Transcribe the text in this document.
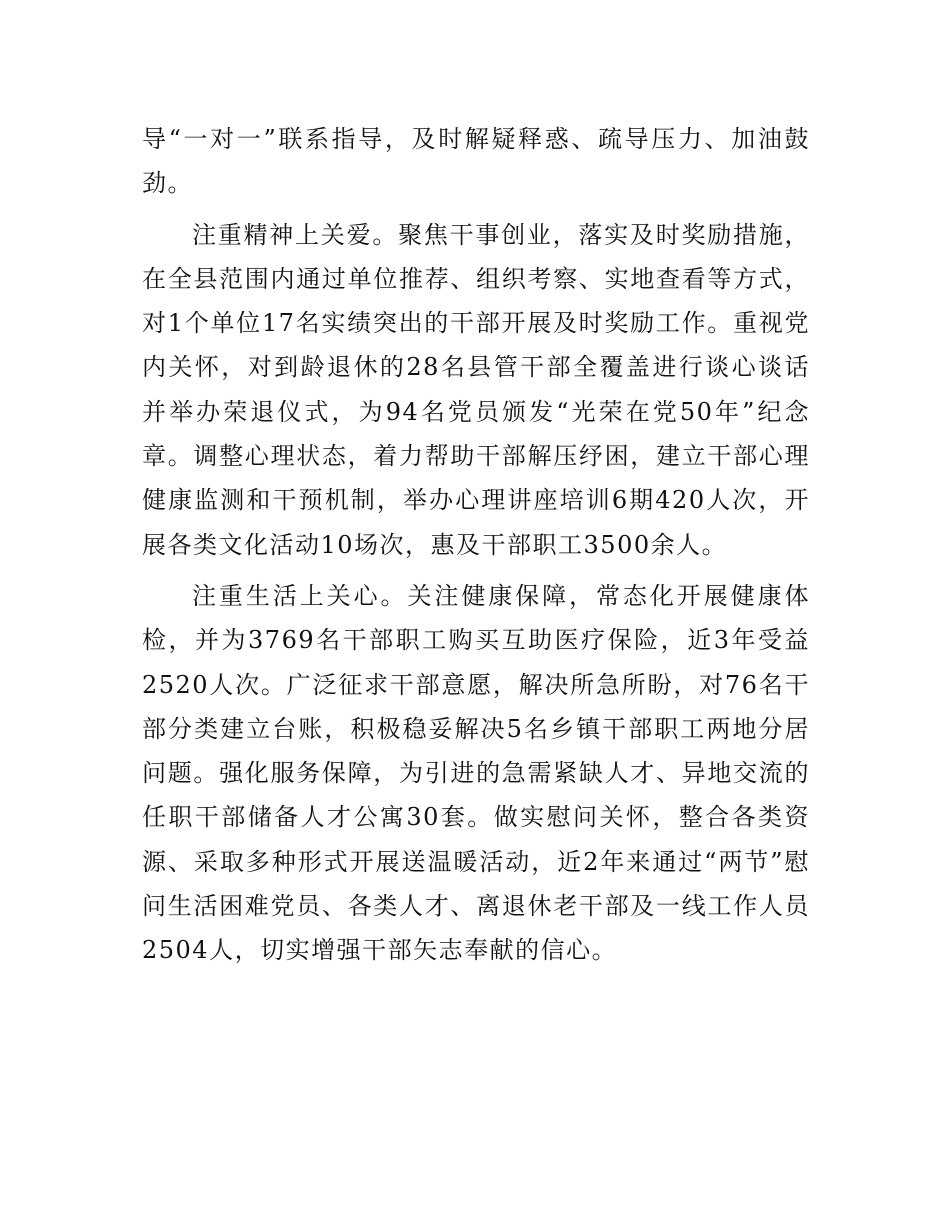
导“一对一”联系指导，及时解疑释惑、疏导压力、加油鼓劲。

注重精神上关爱。聚焦干事创业，落实及时奖励措施，在全县范围内通过单位推荐、组织考察、实地查看等方式，对1个单位17名实绩突出的干部开展及时奖励工作。重视党内关怀，对到龄退休的28名县管干部全覆盖进行谈心谈话并举办荣退仪式，为94名党员颁发“光荣在党50年”纪念章。调整心理状态，着力帮助干部解压纾困，建立干部心理健康监测和干预机制，举办心理讲座培训6期420人次，开展各类文化活动10场次，惠及干部职工3500余人。

注重生活上关心。关注健康保障，常态化开展健康体检，并为3769名干部职工购买互助医疗保险，近3年受益2520人次。广泛征求干部意愿，解决所急所盼，对76名干部分类建立台账，积极稳妥解决5名乡镇干部职工两地分居问题。强化服务保障，为引进的急需紧缺人才、异地交流的任职干部储备人才公寓30套。做实慰问关怀，整合各类资源、采取多种形式开展送温暖活动，近2年来通过“两节”慰问生活困难党员、各类人才、离退休老干部及一线工作人员2504人，切实增强干部矢志奉献的信心。
